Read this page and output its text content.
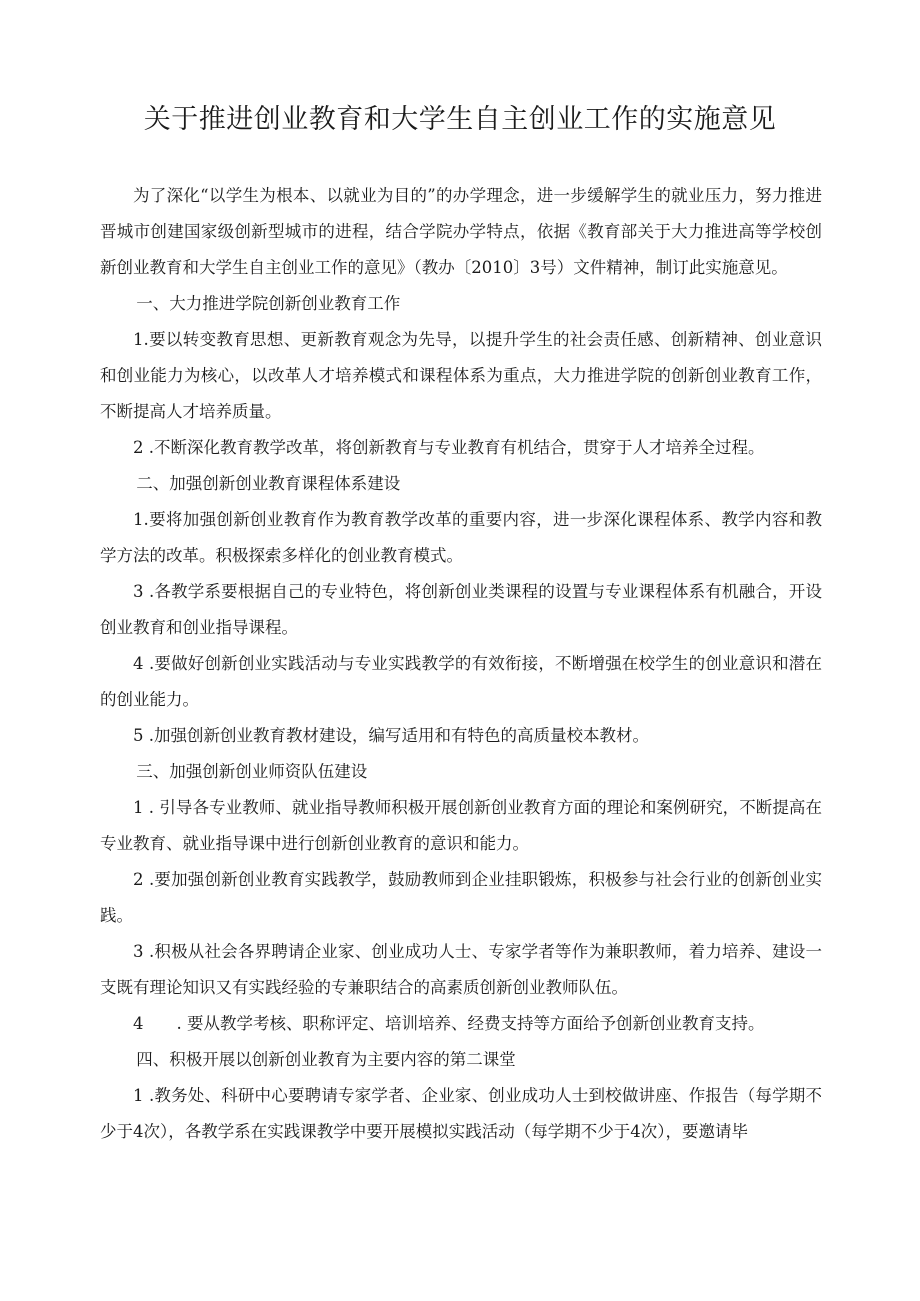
关于推进创业教育和大学生自主创业工作的实施意见

为了深化“以学生为根本、以就业为目的”的办学理念，进一步缓解学生的就业压力，努力推进晋城市创建国家级创新型城市的进程，结合学院办学特点，依据《教育部关于大力推进高等学校创新创业教育和大学生自主创业工作的意见》（教办〔2010〕3号）文件精神，制订此实施意见。

一、大力推进学院创新创业教育工作

1.要以转变教育思想、更新教育观念为先导，以提升学生的社会责任感、创新精神、创业意识和创业能力为核心，以改革人才培养模式和课程体系为重点，大力推进学院的创新创业教育工作，不断提高人才培养质量。

2 .不断深化教育教学改革，将创新教育与专业教育有机结合，贯穿于人才培养全过程。

二、加强创新创业教育课程体系建设

1.要将加强创新创业教育作为教育教学改革的重要内容，进一步深化课程体系、教学内容和教学方法的改革。积极探索多样化的创业教育模式。

3 .各教学系要根据自己的专业特色，将创新创业类课程的设置与专业课程体系有机融合，开设创业教育和创业指导课程。

4 .要做好创新创业实践活动与专业实践教学的有效衔接，不断增强在校学生的创业意识和潜在的创业能力。

5 .加强创新创业教育教材建设，编写适用和有特色的高质量校本教材。

三、加强创新创业师资队伍建设

1 . 引导各专业教师、就业指导教师积极开展创新创业教育方面的理论和案例研究，不断提高在专业教育、就业指导课中进行创新创业教育的意识和能力。

2 .要加强创新创业教育实践教学，鼓励教师到企业挂职锻炼，积极参与社会行业的创新创业实践。

3 .积极从社会各界聘请企业家、创业成功人士、专家学者等作为兼职教师，着力培养、建设一支既有理论知识又有实践经验的专兼职结合的高素质创新创业教师队伍。

4　　. 要从教学考核、职称评定、培训培养、经费支持等方面给予创新创业教育支持。

四、积极开展以创新创业教育为主要内容的第二课堂

1 .教务处、科研中心要聘请专家学者、企业家、创业成功人士到校做讲座、作报告（每学期不少于4次），各教学系在实践课教学中要开展模拟实践活动（每学期不少于4次），要邀请毕
